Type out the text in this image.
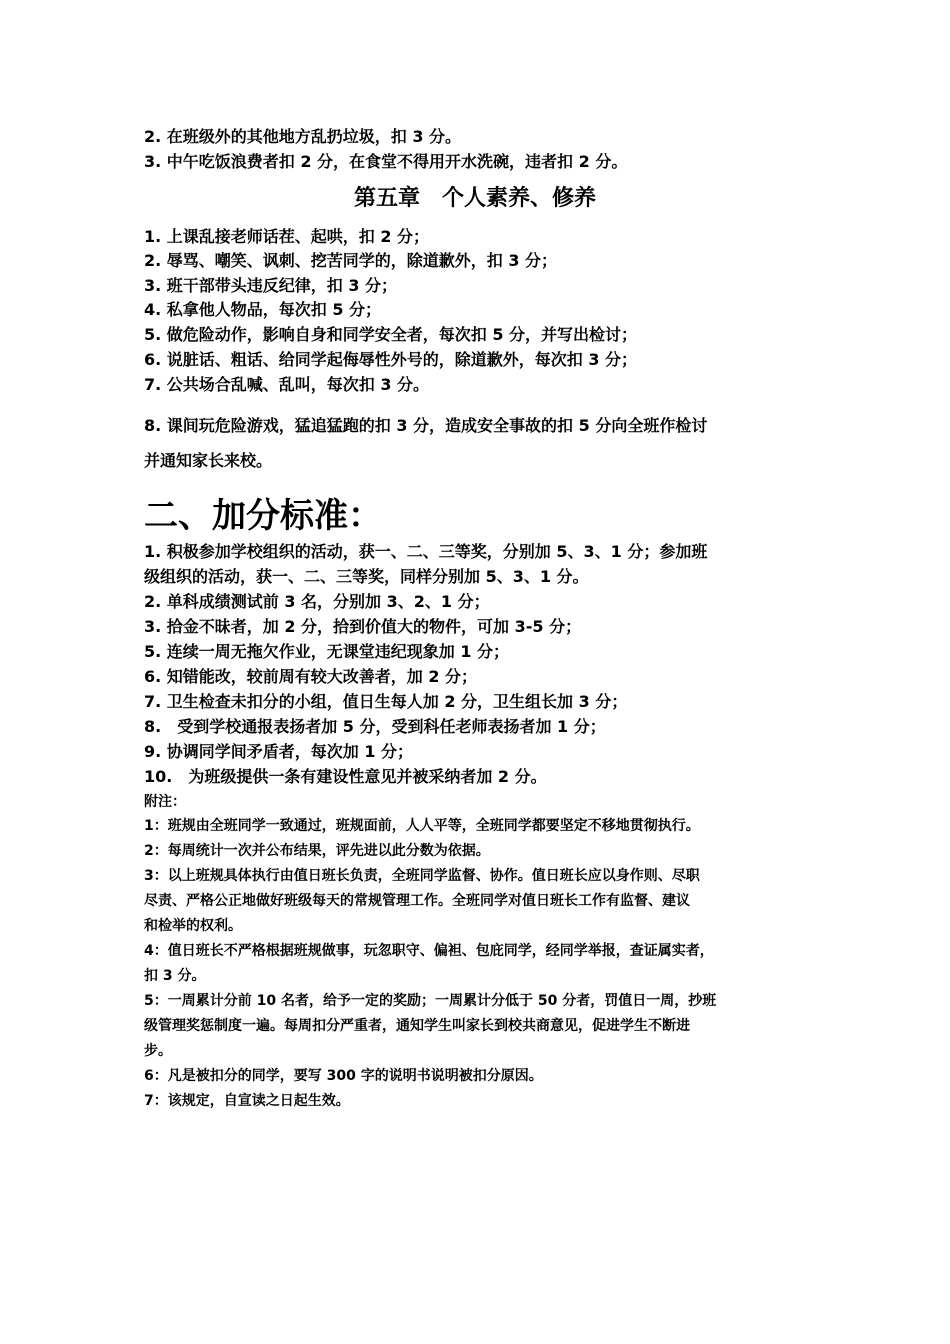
2. 在班级外的其他地方乱扔垃圾，扣 3 分。
3. 中午吃饭浪费者扣 2 分，在食堂不得用开水洗碗，违者扣 2 分。
第五章　个人素养、修养
1. 上课乱接老师话茬、起哄，扣 2 分；
2. 辱骂、嘲笑、讽刺、挖苦同学的，除道歉外，扣 3 分；
3. 班干部带头违反纪律，扣 3 分；
4. 私拿他人物品，每次扣 5 分；
5. 做危险动作，影响自身和同学安全者，每次扣 5 分，并写出检讨；
6. 说脏话、粗话、给同学起侮辱性外号的，除道歉外，每次扣 3 分；
7. 公共场合乱喊、乱叫，每次扣 3 分。
8. 课间玩危险游戏，猛追猛跑的扣 3 分，造成安全事故的扣 5 分向全班作检讨
并通知家长来校。
二、加分标准：
1. 积极参加学校组织的活动，获一、二、三等奖，分别加 5、3、1 分；参加班
级组织的活动，获一、二、三等奖，同样分别加 5、3、1 分。
2. 单科成绩测试前 3 名，分别加 3、2、1 分；
3. 拾金不昧者，加 2 分，拾到价值大的物件，可加 3-5 分；
5. 连续一周无拖欠作业，无课堂违纪现象加 1 分；
6. 知错能改，较前周有较大改善者，加 2 分；
7. 卫生检查未扣分的小组，值日生每人加 2 分，卫生组长加 3 分；
8.　受到学校通报表扬者加 5 分，受到科任老师表扬者加 1 分；
9. 协调同学间矛盾者，每次加 1 分；
10.　为班级提供一条有建设性意见并被采纳者加 2 分。
附注：
1：班规由全班同学一致通过，班规面前，人人平等，全班同学都要坚定不移地贯彻执行。
2：每周统计一次并公布结果，评先进以此分数为依据。
3：以上班规具体执行由值日班长负责，全班同学监督、协作。值日班长应以身作则、尽职
尽责、严格公正地做好班级每天的常规管理工作。全班同学对值日班长工作有监督、建议
和检举的权利。
4：值日班长不严格根据班规做事，玩忽职守、偏袒、包庇同学，经同学举报，查证属实者，
扣 3 分。
5：一周累计分前 10 名者，给予一定的奖励；一周累计分低于 50 分者，罚值日一周，抄班
级管理奖惩制度一遍。每周扣分严重者，通知学生叫家长到校共商意见，促进学生不断进
步。
6：凡是被扣分的同学，要写 300 字的说明书说明被扣分原因。
7：该规定，自宣读之日起生效。
